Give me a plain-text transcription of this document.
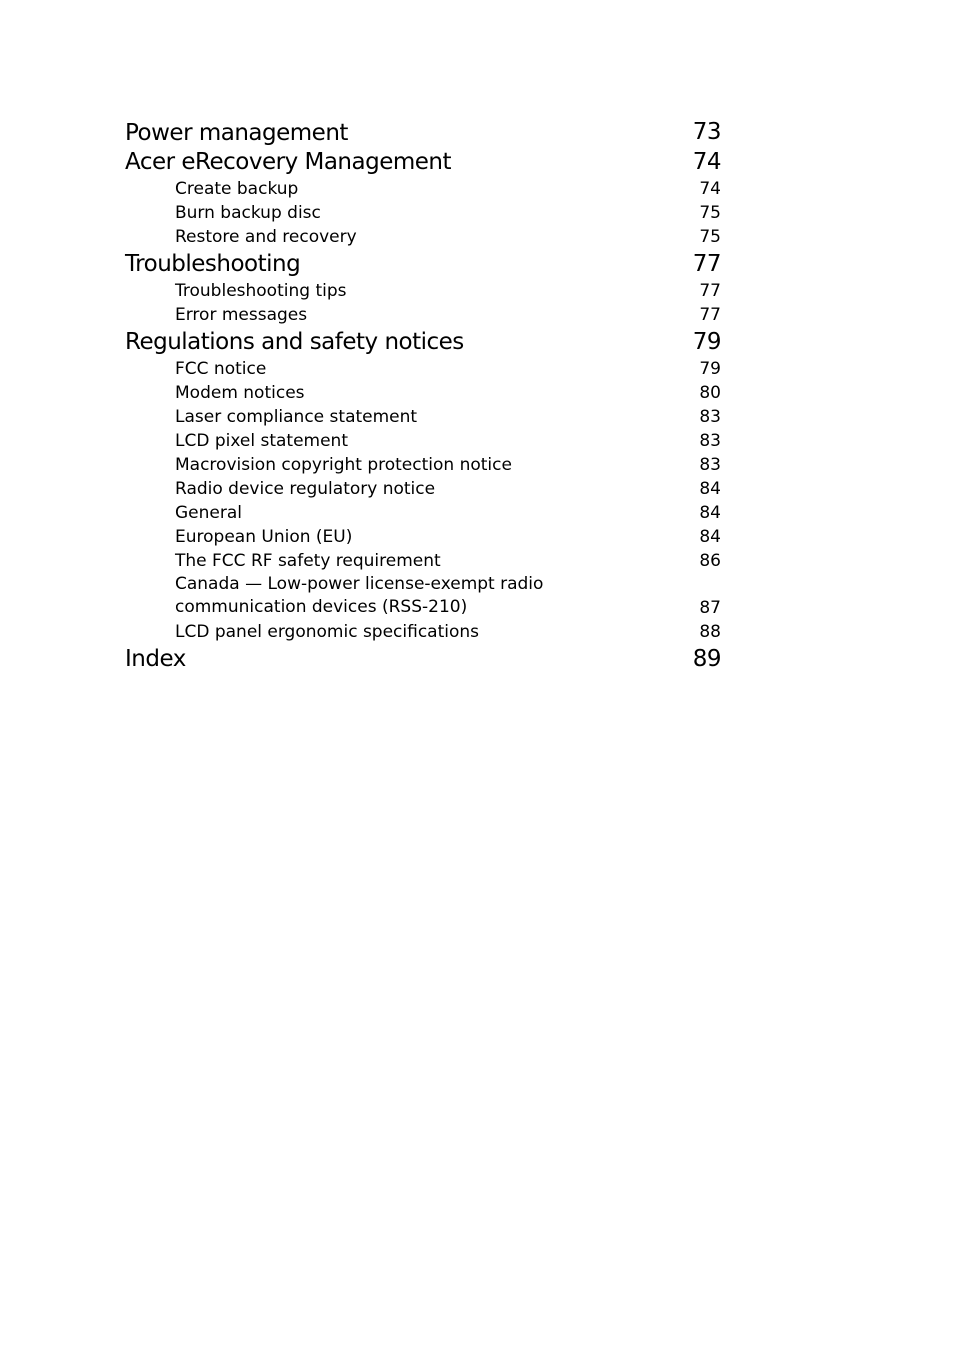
Power management	73
Acer eRecovery Management	74
Create backup	74
Burn backup disc	75
Restore and recovery	75
Troubleshooting	77
Troubleshooting tips	77
Error messages	77
Regulations and safety notices	79
FCC notice	79
Modem notices	80
Laser compliance statement	83
LCD pixel statement	83
Macrovision copyright protection notice	83
Radio device regulatory notice	84
General	84
European Union (EU)	84
The FCC RF safety requirement	86
Canada — Low-power license-exempt radio
communication devices (RSS-210)	87
LCD panel ergonomic specifications	88
Index	89
